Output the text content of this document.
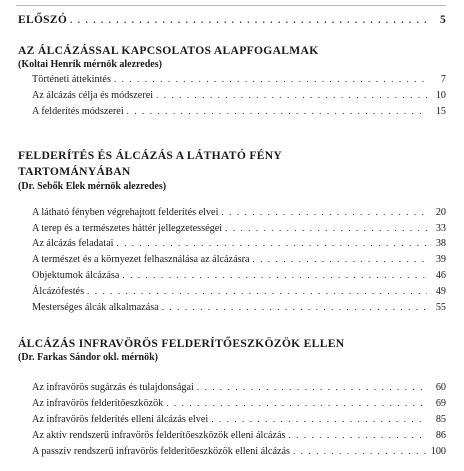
ELŐSZÓ . . .	5
AZ ÁLCÁZÁSSAL KAPCSOLATOS ALAPFOGALMAK
(Koltai Henrik mérnök alezredes)
Történeti áttekintés . . .	7
Az álcázás célja és módszerei . . .	10
A felderítés módszerei . . .	15
FELDERÍTÉS ÉS ÁLCÁZÁS A LÁTHATÓ FÉNY
TARTOMÁNYÁBAN
(Dr. Sebők Elek mérnök alezredes)
A látható fényben végrehajtott felderítés elvei . . .	20
A terep és a természetes háttér jellegzetességei . . .	33
Az álcázás feladatai . . .	38
A természet és a környezet felhasználása az álcázásra . . .	39
Objektumok álcázása . . .	46
Álcázófestés . . .	49
Mesterséges álcák alkalmazása . . .	55
ÁLCÁZÁS INFRAVÖRÖS FELDERÍTŐESZKÖZÖK ELLEN
(Dr. Farkas Sándor okl. mérnök)
Az infravörös sugárzás és tulajdonságai . . .	60
Az infravörös felderítőeszközök . . .	69
Az infravörös felderítés elleni álcázás elvei . . .	85
Az aktív rendszerű infravörös felderítőeszközök elleni álcázás . . .	86
A passzív rendszerű infravörös felderítőeszközök elleni álcázás . . .	100
